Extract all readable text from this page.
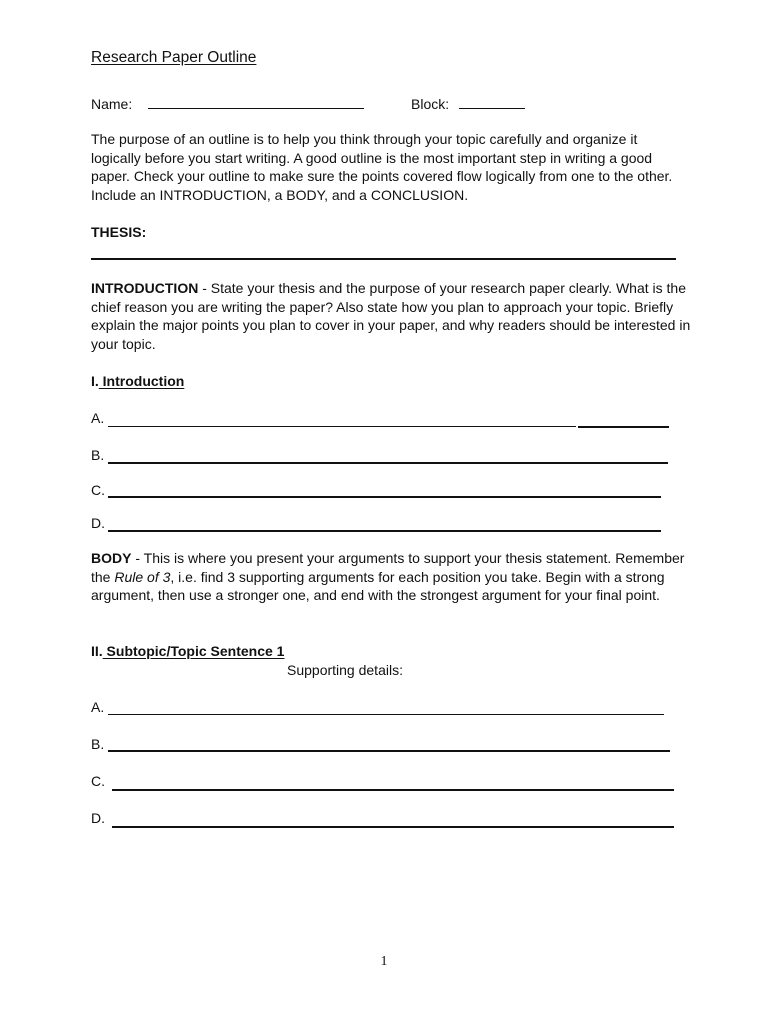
Research Paper Outline
Name:	Block:
The purpose of an outline is to help you think through your topic carefully and organize it logically before you start writing. A good outline is the most important step in writing a good paper. Check your outline to make sure the points covered flow logically from one to the other. Include an INTRODUCTION, a BODY, and a CONCLUSION.
THESIS:
INTRODUCTION - State your thesis and the purpose of your research paper clearly. What is the chief reason you are writing the paper? Also state how you plan to approach your topic. Briefly explain the major points you plan to cover in your paper, and why readers should be interested in your topic.
I. Introduction
A.
B.
C.
D.
BODY - This is where you present your arguments to support your thesis statement. Remember the Rule of 3, i.e. find 3 supporting arguments for each position you take. Begin with a strong argument, then use a stronger one, and end with the strongest argument for your final point.
II. Subtopic/Topic Sentence 1
Supporting details:
A.
B.
C.
D.
1
